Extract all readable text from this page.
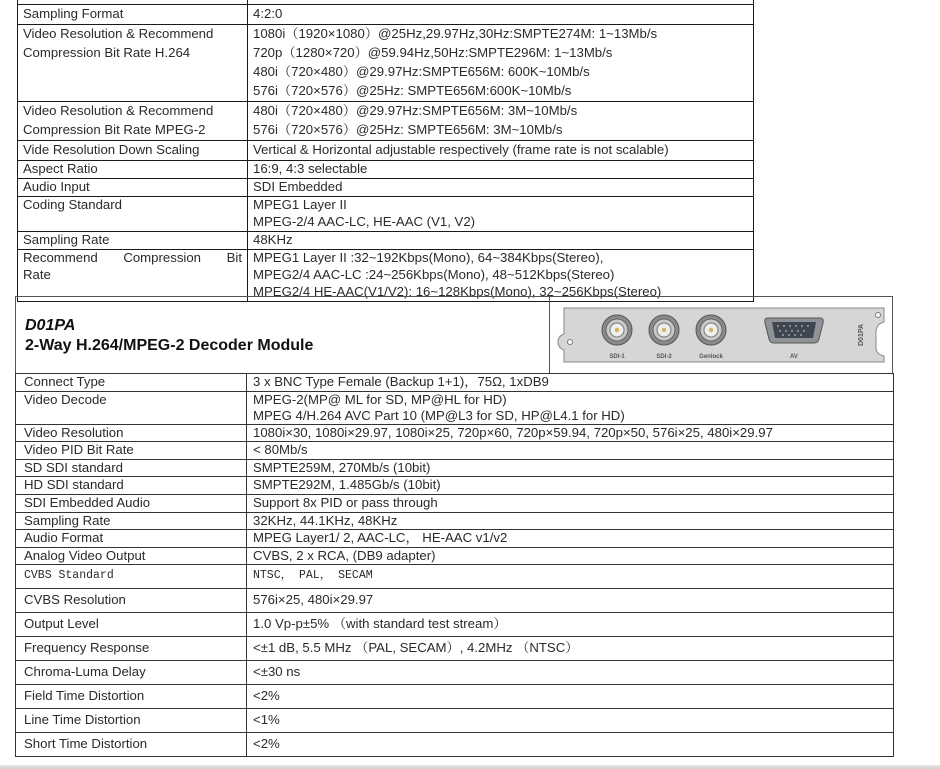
Sampling Format	4:2:0

Video Resolution & Recommend
Compression Bit Rate H.264	1080i（1920×1080）@25Hz,29.97Hz,30Hz:SMPTE274M: 1~13Mb/s
720p（1280×720）@59.94Hz,50Hz:SMPTE296M: 1~13Mb/s
480i（720×480）@29.97Hz:SMPTE656M: 600K~10Mb/s
576i（720×576）@25Hz: SMPTE656M:600K~10Mb/s

Video Resolution & Recommend
Compression Bit Rate MPEG-2	480i（720×480）@29.97Hz:SMPTE656M: 3M~10Mb/s
576i（720×576）@25Hz: SMPTE656M: 3M~10Mb/s

Vide Resolution Down Scaling	Vertical & Horizontal adjustable respectively (frame rate is not scalable)

Aspect Ratio	16:9, 4:3 selectable

Audio Input	SDI Embedded

Coding Standard	MPEG1 Layer II
MPEG-2/4 AAC-LC, HE-AAC (V1, V2)

Sampling Rate	48KHz

Recommend Compression Bit
Rate	MPEG1 Layer II :32~192Kbps(Mono), 64~384Kbps(Stereo),
MPEG2/4 AAC-LC :24~256Kbps(Mono), 48~512Kbps(Stereo)
MPEG2/4 HE-AAC(V1/V2): 16~128Kbps(Mono), 32~256Kbps(Stereo)
D01PA
2-Way H.264/MPEG-2 Decoder Module
SDI-1	SDI-2	Genlock	AV
D01PA
Connect Type	3 x BNC Type Female (Backup 1+1)，75Ω, 1xDB9

Video Decode	MPEG-2(MP@ ML for SD, MP@HL for HD)
MPEG 4/H.264 AVC Part 10 (MP@L3 for SD, HP@L4.1 for HD)

Video Resolution	1080i×30, 1080i×29.97, 1080i×25, 720p×60, 720p×59.94, 720p×50, 576i×25, 480i×29.97
Video PID Bit Rate	< 80Mb/s
SD SDI standard	SMPTE259M, 270Mb/s (10bit)
HD SDI standard	SMPTE292M, 1.485Gb/s (10bit)
SDI Embedded Audio	Support 8x PID or pass through
Sampling Rate	32KHz, 44.1KHz, 48KHz
Audio Format	MPEG Layer1/ 2, AAC-LC， HE-AAC v1/v2
Analog Video Output	CVBS, 2 x RCA, (DB9 adapter)
CVBS Standard	NTSC， PAL， SECAM
CVBS Resolution	576i×25, 480i×29.97
Output Level	1.0 Vp-p±5% （with standard test stream）
Frequency Response	<±1 dB, 5.5 MHz （PAL, SECAM）, 4.2MHz （NTSC）
Chroma-Luma Delay	<±30 ns
Field Time Distortion	<2%
Line Time Distortion	<1%
Short Time Distortion	<2%
